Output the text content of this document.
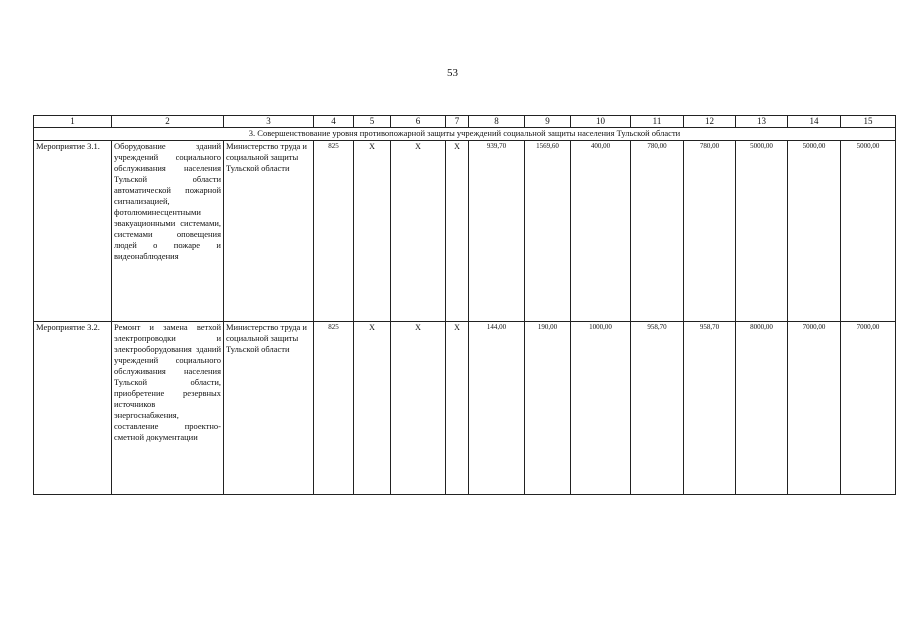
53
1	2	3	4	5	6	7	8	9	10	11	12	13	14	15
3. Совершенствование уровня противопожарной защиты учреждений социальной защиты населения Тульской области														
Мероприятие 3.1.	Оборудование зданий учреждений социального обслуживания населения Тульской области автоматической пожарной сигнализацией, фотолюминесцентными эвакуационными системами, системами оповещения людей о пожаре и видеонаблюдения	Министерство труда и социальной защиты Тульской области	825	X	X	X	939,70	1569,60	400,00	780,00	780,00	5000,00	5000,00	5000,00
Мероприятие 3.2.	Ремонт и замена ветхой электропроводки и электрооборудования зданий учреждений социального обслуживания населения Тульской области, приобретение резервных источников энергоснабжения, составление проектно-сметной документации	Министерство труда и социальной защиты Тульской области	825	X	X	X	144,00	190,00	1000,00	958,70	958,70	8000,00	7000,00	7000,00
